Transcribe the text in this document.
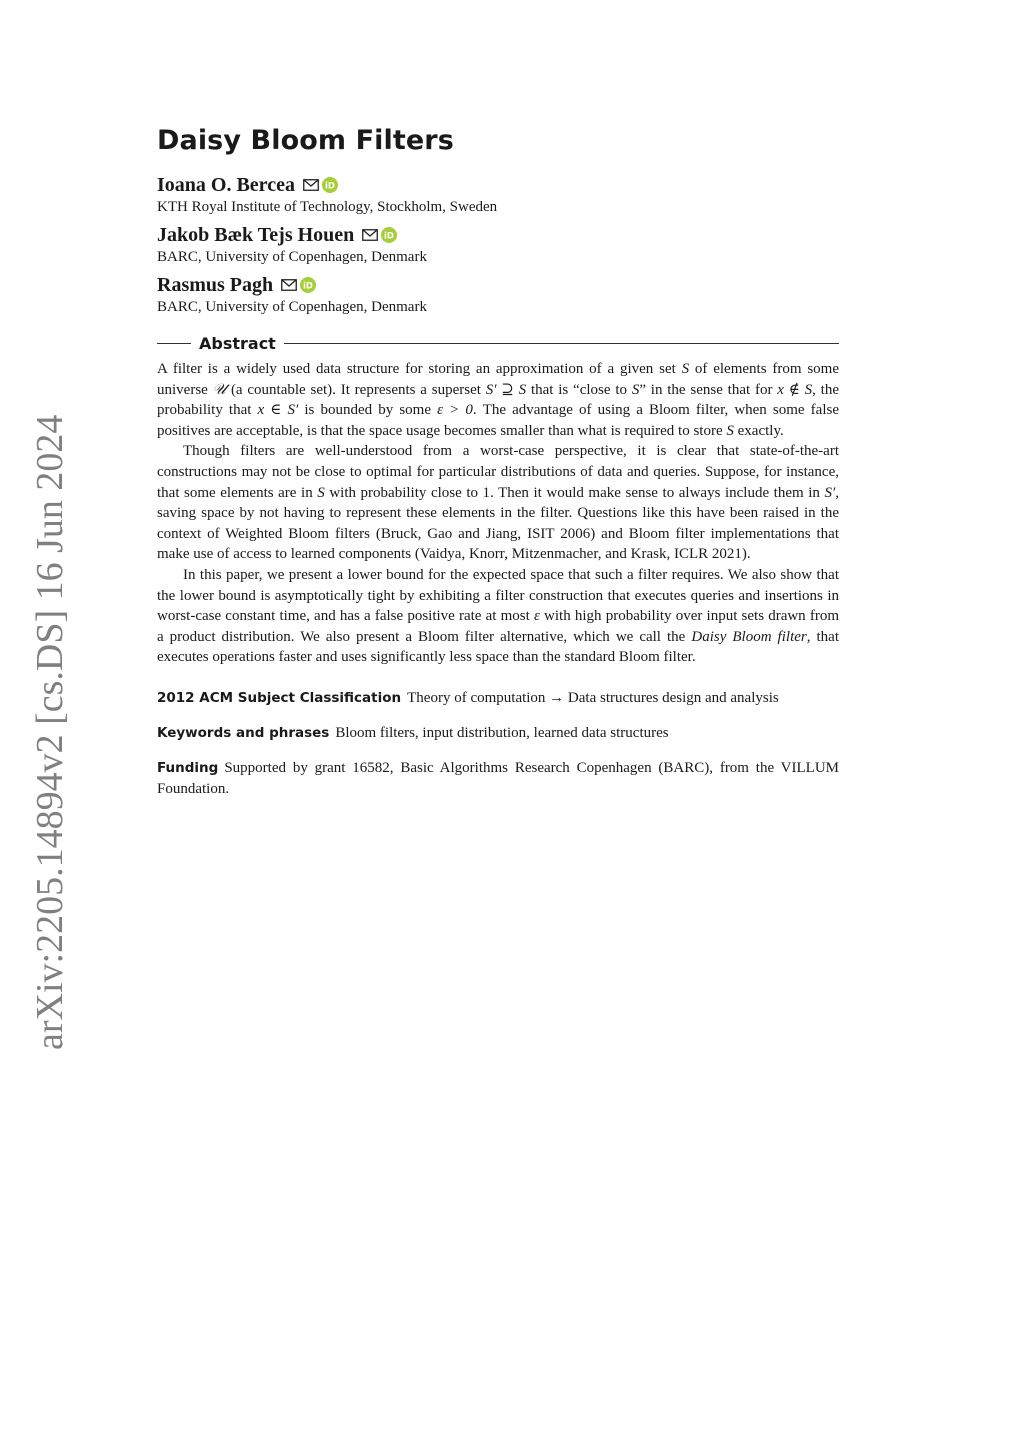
arXiv:2205.14894v2 [cs.DS] 16 Jun 2024
Daisy Bloom Filters
Ioana O. Bercea	iD
KTH Royal Institute of Technology, Stockholm, Sweden
Jakob Bæk Tejs Houen	iD
BARC, University of Copenhagen, Denmark
Rasmus Pagh	iD
BARC, University of Copenhagen, Denmark
Abstract

A filter is a widely used data structure for storing an approximation of a given set S of elements from some universe 𝒰 (a countable set). It represents a superset S′ ⊇ S that is “close to S” in the sense that for x ∉ S, the probability that x ∈ S′ is bounded by some ε > 0. The advantage of using a Bloom filter, when some false positives are acceptable, is that the space usage becomes smaller than what is required to store S exactly.

Though filters are well-understood from a worst-case perspective, it is clear that state-of-the-art constructions may not be close to optimal for particular distributions of data and queries. Suppose, for instance, that some elements are in S with probability close to 1. Then it would make sense to always include them in S′, saving space by not having to represent these elements in the filter. Questions like this have been raised in the context of Weighted Bloom filters (Bruck, Gao and Jiang, ISIT 2006) and Bloom filter implementations that make use of access to learned components (Vaidya, Knorr, Mitzenmacher, and Krask, ICLR 2021).

In this paper, we present a lower bound for the expected space that such a filter requires. We also show that the lower bound is asymptotically tight by exhibiting a filter construction that executes queries and insertions in worst-case constant time, and has a false positive rate at most ε with high probability over input sets drawn from a product distribution. We also present a Bloom filter alternative, which we call the Daisy Bloom filter, that executes operations faster and uses significantly less space than the standard Bloom filter.

2012 ACM Subject Classification Theory of computation → Data structures design and analysis
Keywords and phrases Bloom filters, input distribution, learned data structures
Funding Supported by grant 16582, Basic Algorithms Research Copenhagen (BARC), from the VILLUM Foundation.
